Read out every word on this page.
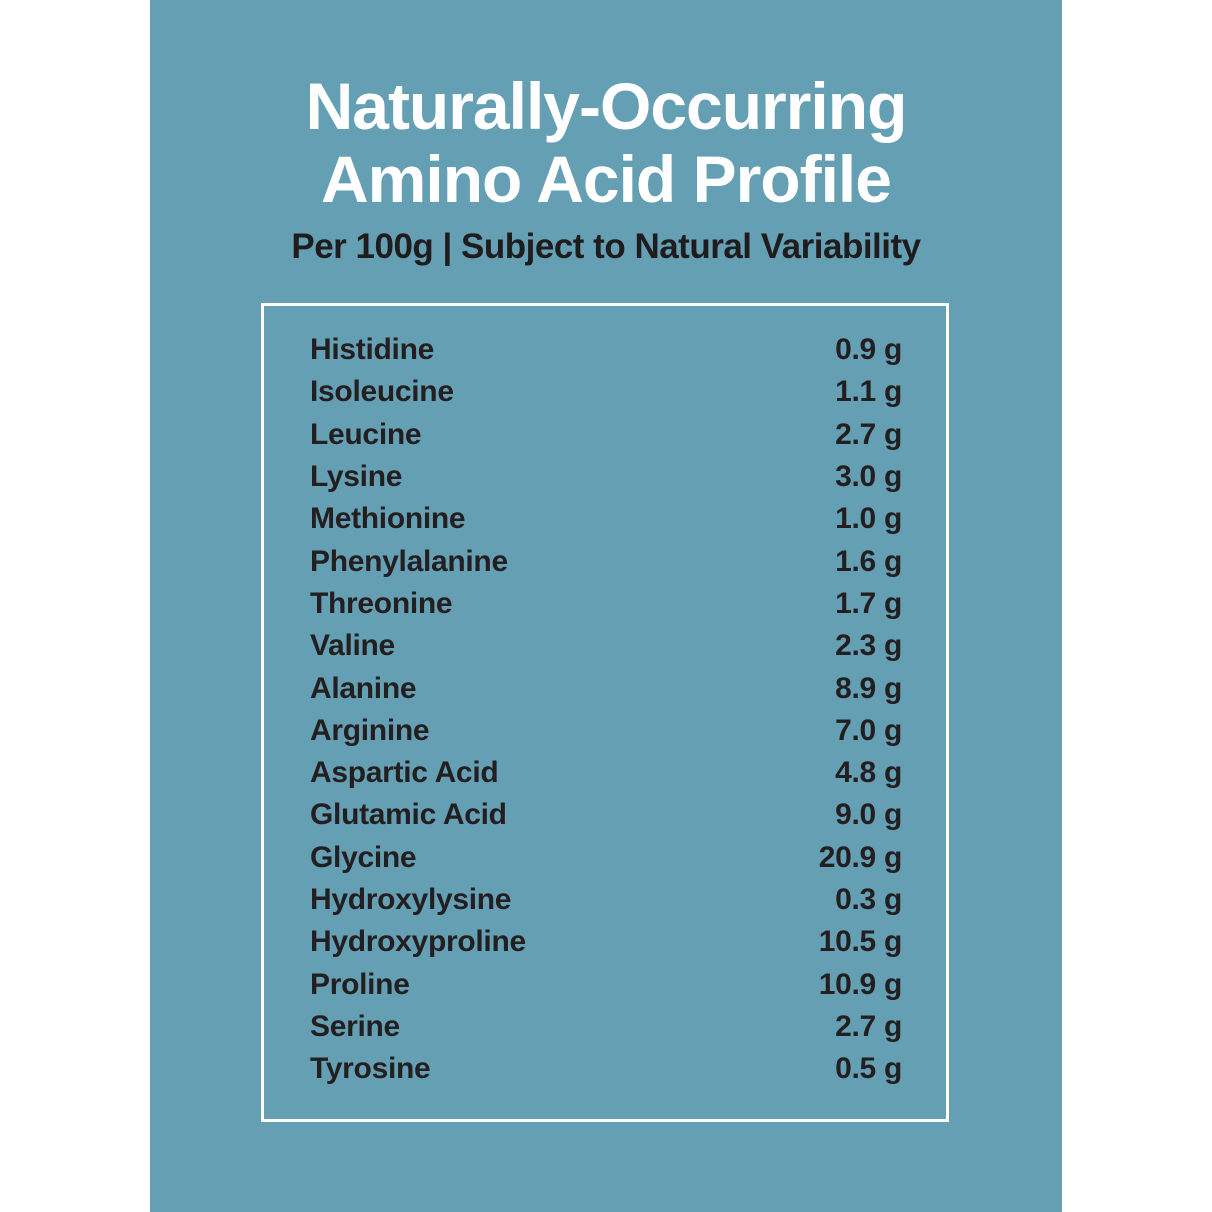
Naturally-Occurring
Amino Acid Profile
Per 100g | Subject to Natural Variability
Histidine	0.9 g
Isoleucine	1.1 g
Leucine	2.7 g
Lysine	3.0 g
Methionine	1.0 g
Phenylalanine	1.6 g
Threonine	1.7 g
Valine	2.3 g
Alanine	8.9 g
Arginine	7.0 g
Aspartic Acid	4.8 g
Glutamic Acid	9.0 g
Glycine	20.9 g
Hydroxylysine	0.3 g
Hydroxyproline	10.5 g
Proline	10.9 g
Serine	2.7 g
Tyrosine	0.5 g
